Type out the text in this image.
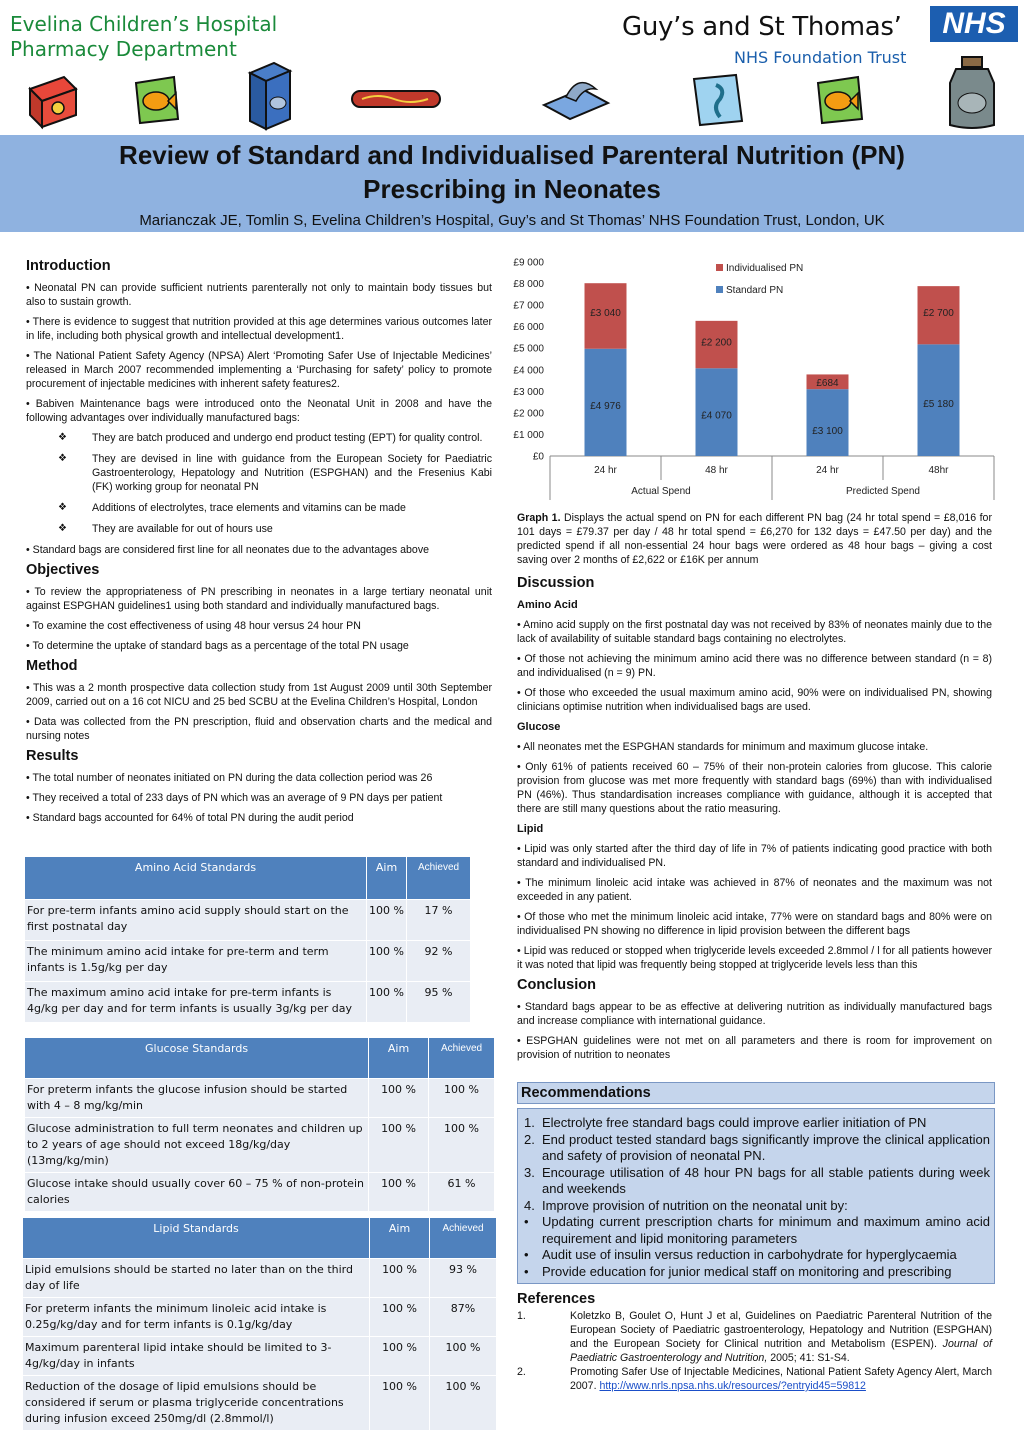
Evelina Children’s Hospital
Pharmacy Department
Guy’s and St Thomas’
NHS Foundation Trust
NHS
Review of Standard and Individualised Parenteral Nutrition (PN)
Prescribing in Neonates
Marianczak JE, Tomlin S, Evelina Children’s Hospital, Guy’s and St Thomas’ NHS Foundation Trust, London, UK
Introduction

• Neonatal PN can provide sufficient nutrients parenterally not only to maintain body tissues but also to sustain growth.

• There is evidence to suggest that nutrition provided at this age determines various outcomes later in life, including both physical growth and intellectual development1.

• The National Patient Safety Agency (NPSA) Alert ‘Promoting Safer Use of Injectable Medicines’ released in March 2007 recommended implementing a ‘Purchasing for safety’ policy to promote procurement of injectable medicines with inherent safety features2.

• Babiven Maintenance bags were introduced onto the Neonatal Unit in 2008 and have the following advantages over individually manufactured bags:

❖	They are batch produced and undergo end product testing (EPT) for quality control.
❖	They are devised in line with guidance from the European Society for Paediatric Gastroenterology, Hepatology and Nutrition (ESPGHAN) and the Fresenius Kabi (FK) working group for neonatal PN
❖	Additions of electrolytes, trace elements and vitamins can be made
❖	They are available for out of hours use

• Standard bags are considered first line for all neonates due to the advantages above

Objectives

• To review the appropriateness of PN prescribing in neonates in a large tertiary neonatal unit against ESPGHAN guidelines1 using both standard and individually manufactured bags.

• To examine the cost effectiveness of using 48 hour versus 24 hour PN

• To determine the uptake of standard bags as a percentage of the total PN usage

Method

• This was a 2 month prospective data collection study from 1st August 2009 until 30th September 2009, carried out on a 16 cot NICU and 25 bed SCBU at the Evelina Children’s Hospital, London

• Data was collected from the PN prescription, fluid and observation charts and the medical and nursing notes

Results

• The total number of neonates initiated on PN during the data collection period was 26

• They received a total of 233 days of PN which was an average of 9 PN days per patient

• Standard bags accounted for 64% of total PN during the audit period

Amino Acid Standards	Aim	Achieved
For pre-term infants amino acid supply should start on the first postnatal day	100 %	17 %
The minimum amino acid intake for pre-term and term infants is 1.5g/kg per day	100 %	92 %
The maximum amino acid intake for pre-term infants is 4g/kg per day and for term infants is usually 3g/kg per day	100 %	95 %
Glucose Standards	Aim	Achieved
For preterm infants the glucose infusion should be started with 4 – 8 mg/kg/min	100 %	100 %
Glucose administration to full term neonates and children up to 2 years of age should not exceed 18g/kg/day (13mg/kg/min)	100 %	100 %
Glucose intake should usually cover 60 – 75 % of non-protein calories	100 %	61 %
Lipid Standards	Aim	Achieved
Lipid emulsions should be started no later than on the third day of life	100 %	93 %
For preterm infants the minimum linoleic acid intake is 0.25g/kg/day and for term infants is 0.1g/kg/day	100 %	87%
Maximum parenteral lipid intake should be limited to 3-4g/kg/day in infants	100 %	100 %
Reduction of the dosage of lipid emulsions should be considered if serum or plasma triglyceride concentrations during infusion exceed 250mg/dl (2.8mmol/l)	100 %	100 %
£0
£1 000
£2 000
£3 000
£4 000
£5 000
£6 000
£7 000
£8 000
£9 000
24 hr	48 hr	24 hr	48hr
£4 976
£3 040
£4 070
£2 200
£3 100
£684
£5 180
£2 700
Actual Spend	Predicted Spend
Individualised PN
Standard PN
Graph 1. Displays the actual spend on PN for each different PN bag (24 hr total spend = £8,016 for 101 days = £79.37 per day / 48 hr total spend = £6,270 for 132 days = £47.50 per day) and the predicted spend if all non-essential 24 hour bags were ordered as 48 hour bags – giving a cost saving over 2 months of £2,622 or £16K per annum
Discussion
Amino Acid

• Amino acid supply on the first postnatal day was not received by 83% of neonates mainly due to the lack of availability of suitable standard bags containing no electrolytes.

• Of those not achieving the minimum amino acid there was no difference between standard (n = 8) and individualised (n = 9) PN.

• Of those who exceeded the usual maximum amino acid, 90% were on individualised PN, showing clinicians optimise nutrition when individualised bags are used.

Glucose

• All neonates met the ESPGHAN standards for minimum and maximum glucose intake.

• Only 61% of patients received 60 – 75% of their non-protein calories from glucose. This calorie provision from glucose was met more frequently with standard bags (69%) than with individualised PN (46%). Thus standardisation increases compliance with guidance, although it is accepted that there are still many questions about the ratio measuring.

Lipid

• Lipid was only started after the third day of life in 7% of patients indicating good practice with both standard and individualised PN.

• The minimum linoleic acid intake was achieved in 87% of neonates and the maximum was not exceeded in any patient.

• Of those who met the minimum linoleic acid intake, 77% were on standard bags and 80% were on individualised PN showing no difference in lipid provision between the different bags

• Lipid was reduced or stopped when triglyceride levels exceeded 2.8mmol / l for all patients however it was noted that lipid was frequently being stopped at triglyceride levels less than this

Conclusion

• Standard bags appear to be as effective at delivering nutrition as individually manufactured bags and increase compliance with international guidance.

• ESPGHAN guidelines were not met on all parameters and there is room for improvement on provision of nutrition to neonates

Recommendations
1. Electrolyte free standard bags could improve earlier initiation of PN
2. End product tested standard bags significantly improve the clinical application and safety of provision of neonatal PN.
3. Encourage utilisation of 48 hour PN bags for all stable patients during week and weekends
4. Improve provision of nutrition on the neonatal unit by:
•	Updating current prescription charts for minimum and maximum amino acid requirement and lipid monitoring parameters
•	Audit use of insulin versus reduction in carbohydrate for hyperglycaemia
•	Provide education for junior medical staff on monitoring and prescribing
References
1.	Koletzko B, Goulet O, Hunt J et al, Guidelines on Paediatric Parenteral Nutrition of the European Society of Paediatric gastroenterology, Hepatology and Nutrition (ESPGHAN) and the European Society for Clinical nutrition and Metabolism (ESPEN). Journal of Paediatric Gastroenterology and Nutrition, 2005; 41: S1-S4.
2.	Promoting Safer Use of Injectable Medicines, National Patient Safety Agency Alert, March 2007. http://www.nrls.npsa.nhs.uk/resources/?entryid45=59812
